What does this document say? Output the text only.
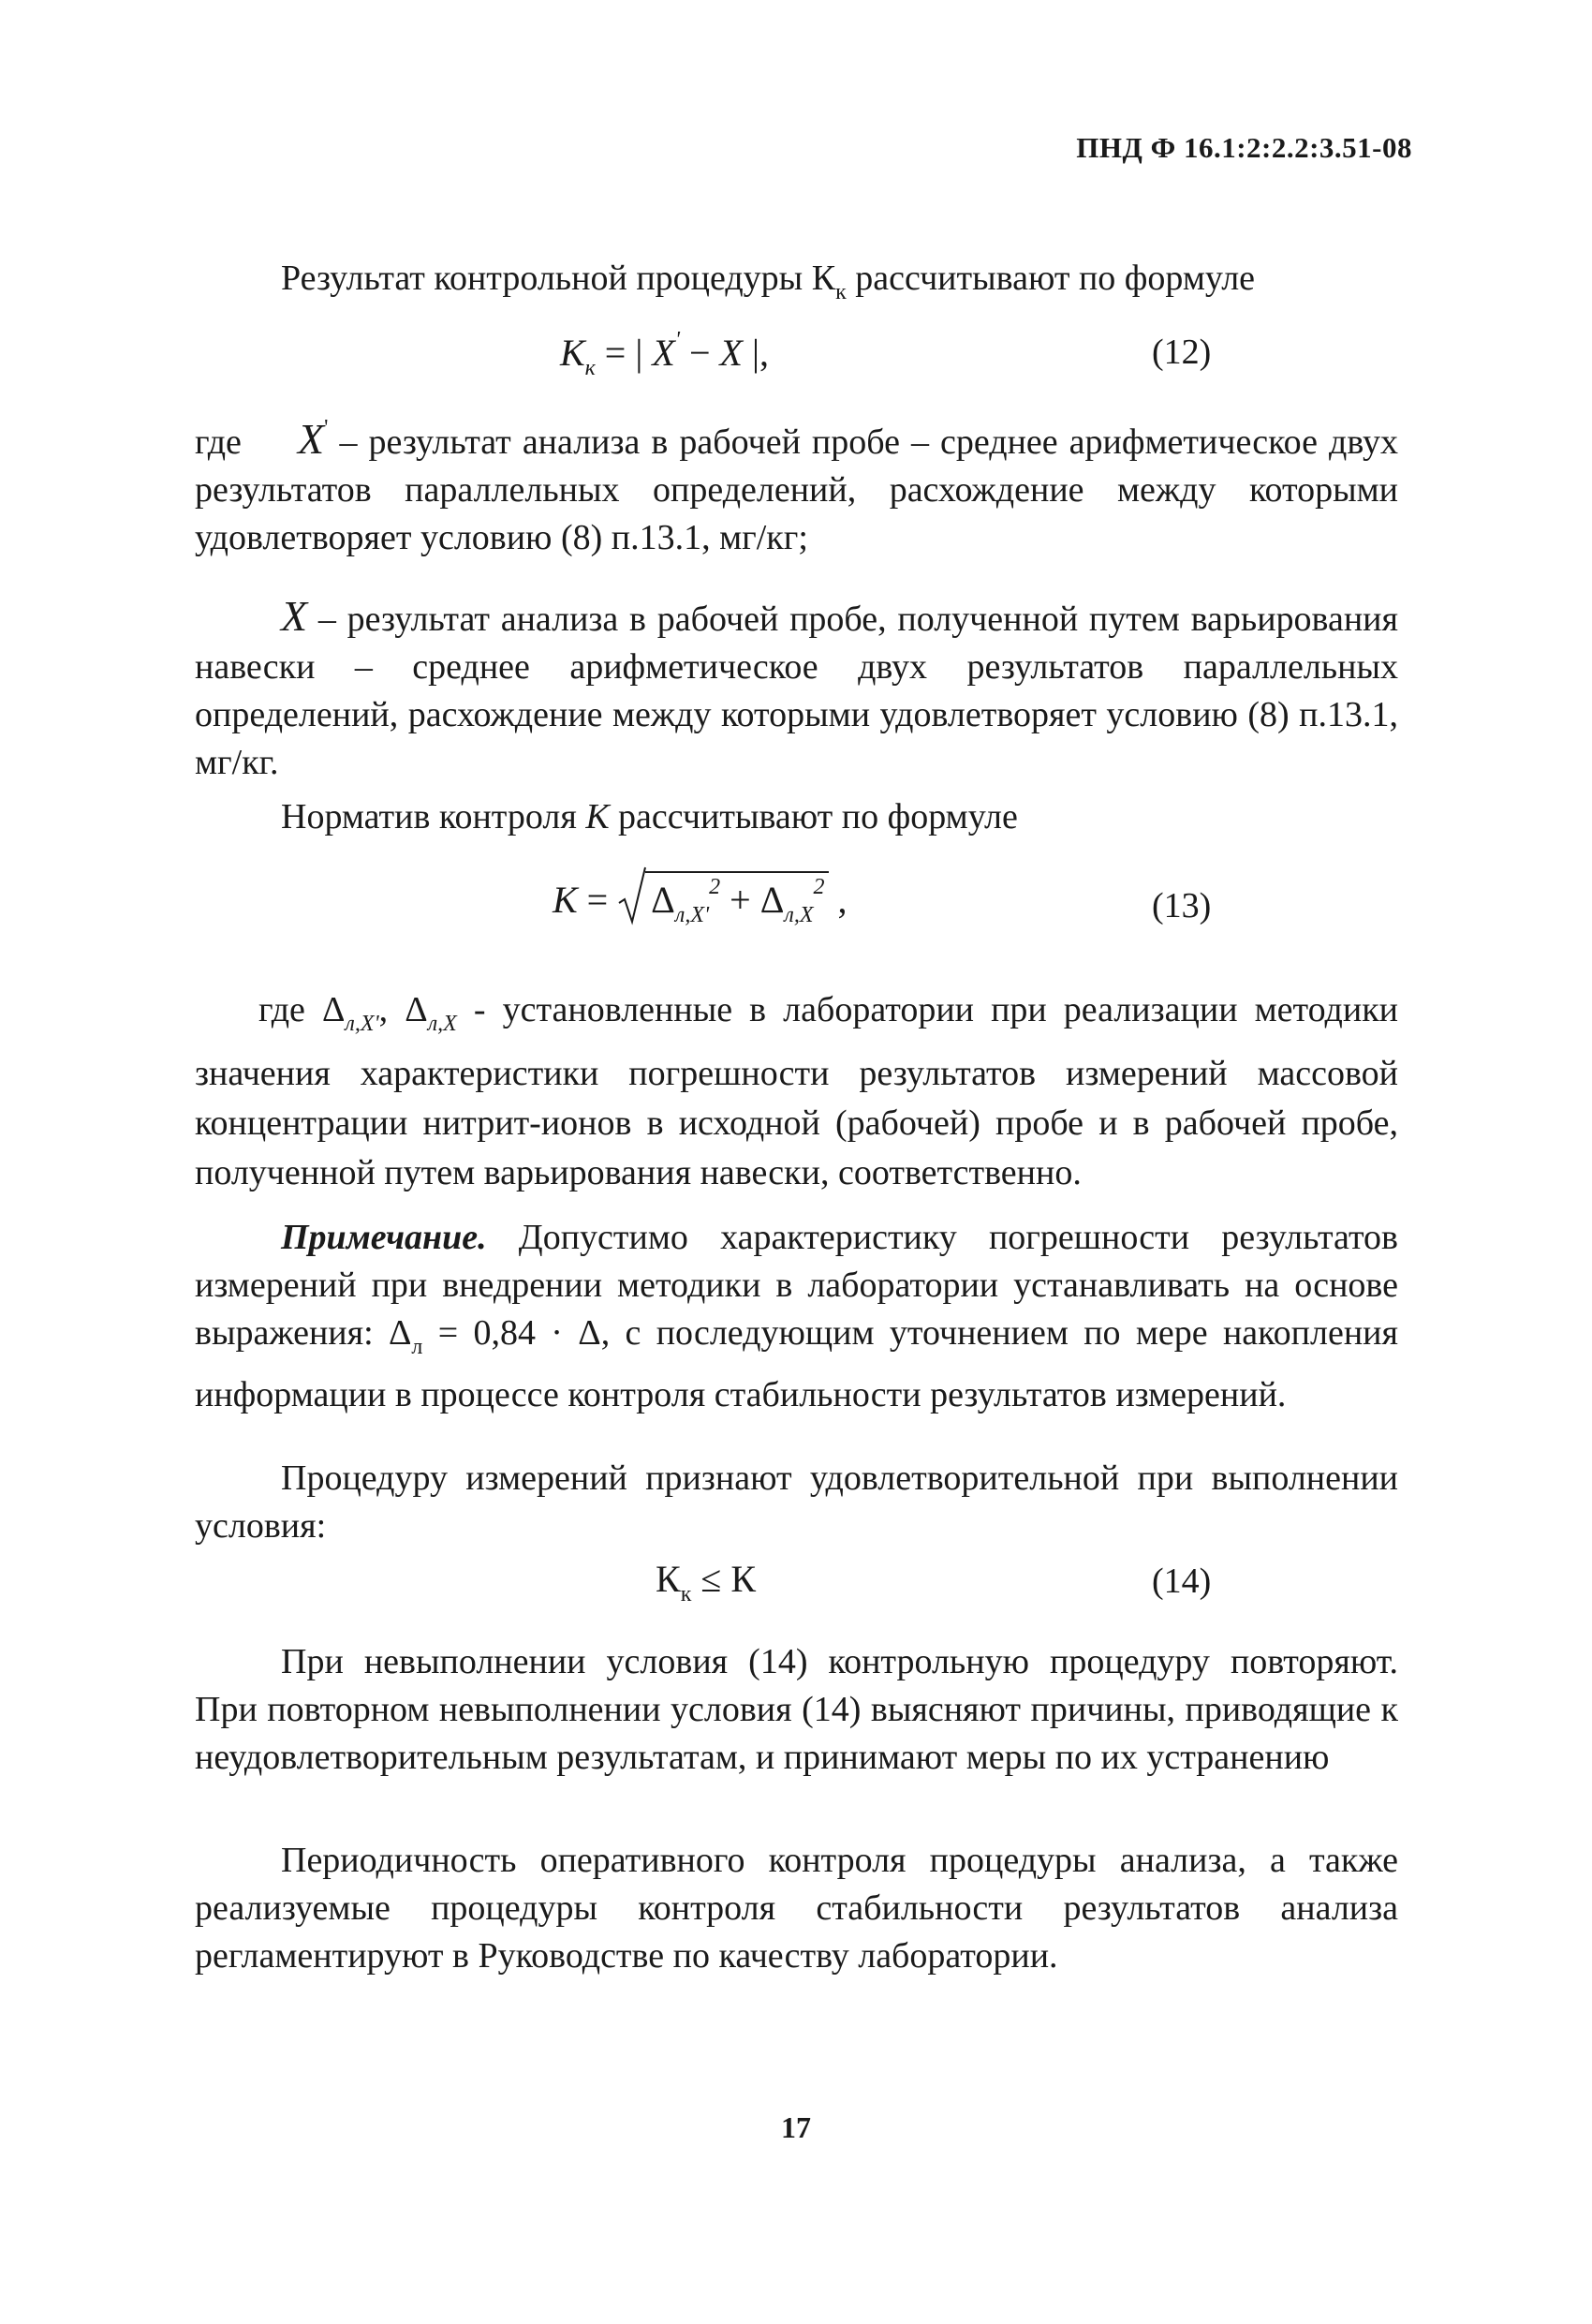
ПНД Ф 16.1:2:2.2:3.51-08

Результат контрольной процедуры $К_к$ рассчитывают по формуле

$К_к$ = | X' − X |,	(12)

где X' – результат анализа в рабочей пробе – среднее арифметическое двух результатов параллельных определений, расхождение между которыми удовлетворяет условию (8) п.13.1, мг/кг;

X – результат анализа в рабочей пробе, полученной путем варьирования навески – среднее арифметическое двух результатов параллельных определений, расхождение между которыми удовлетворяет условию (8) п.13.1, мг/кг.

Норматив контроля К рассчитывают по формуле

К =
$\Delta_{л,X'}^2 + \Delta_{л,X}^2$ ,	(13)

где $\Delta_{л,X'}$, $\Delta_{л,X}$ - установленные в лаборатории при реализации методики значения характеристики погрешности результатов измерений массовой концентрации нитрит-ионов в исходной (рабочей) пробе и в рабочей пробе, полученной путем варьирования навески, соответственно.

Примечание. Допустимо характеристику погрешности результатов измерений при внедрении методики в лаборатории устанавливать на основе выражения: $\Delta_л = 0,84 \cdot \Delta$, с последующим уточнением по мере накопления информации в процессе контроля стабильности результатов измерений.

Процедуру измерений признают удовлетворительной при выполнении условия:

$К_к \le К$	(14)

При невыполнении условия (14) контрольную процедуру повторяют. При повторном невыполнении условия (14) выясняют причины, приводящие к неудовлетворительным результатам, и принимают меры по их устранению

Периодичность оперативного контроля процедуры анализа, а также реализуемые процедуры контроля стабильности результатов анализа регламентируют в Руководстве по качеству лаборатории.

17
